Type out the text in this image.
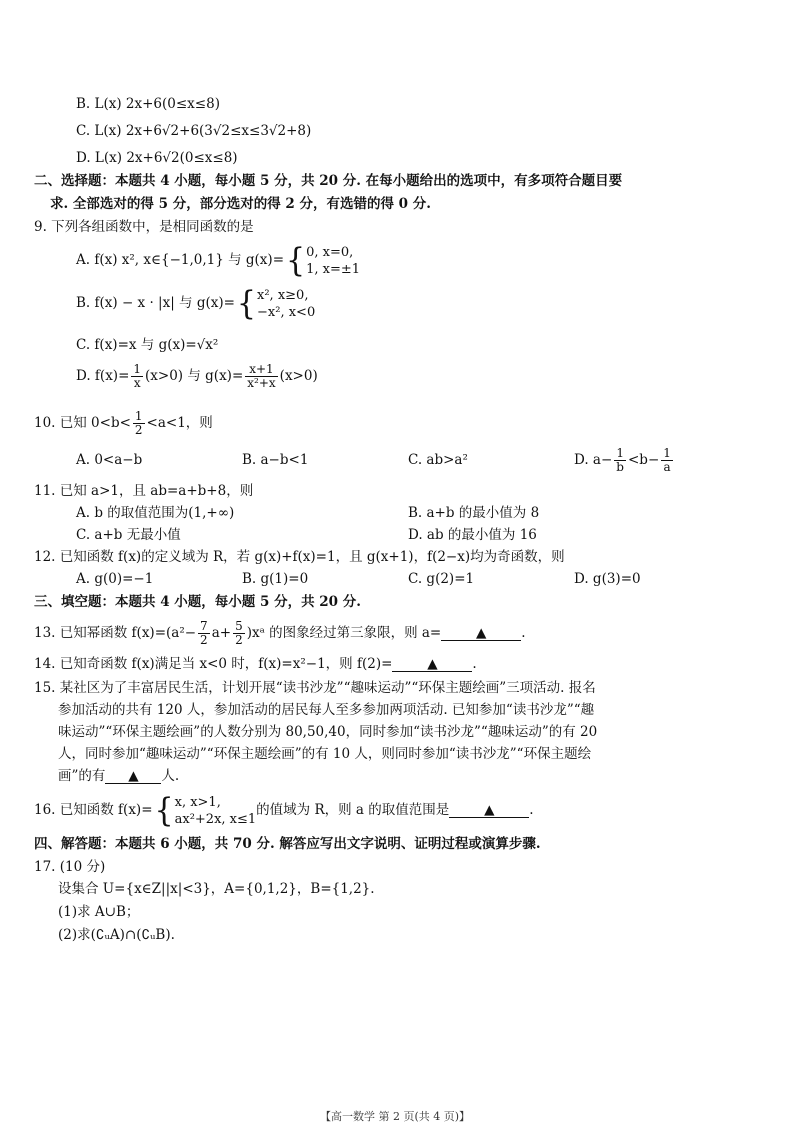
B. L(x) 2x+6(0≤x≤8)
C. L(x) 2x+6√2+6(3√2≤x≤3√2+8)
D. L(x) 2x+6√2(0≤x≤8)
二、选择题：本题共 4 小题，每小题 5 分，共 20 分. 在每小题给出的选项中，有多项符合题目要
求. 全部选对的得 5 分，部分选对的得 2 分，有选错的得 0 分.
9. 下列各组函数中，是相同函数的是
A. f(x) x², x∈{−1,0,1} 与 g(x)={ 0, x=0,
1, x=±1
B. f(x) − x · |x| 与 g(x)={ x², x≥0,
−x², x<0
C. f(x)=x 与 g(x)=√x²
D. $f(x)= \frac{1}{x} (x>0)$ 与 $g(x)= \frac{x+1}{\text{x²+x}} (x>0)$
10. 已知 $0<b< \frac{1}{2} <a<1$，则
A. 0<a−b	B. a−b<1	C. ab>a²	D. $a- \frac{1}{b} <b- \frac{1}{a}$
11. 已知 a>1，且 ab=a+b+8，则
A. b 的取值范围为(1,+∞)	B. a+b 的最小值为 8
C. a+b 无最小值	D. ab 的最小值为 16
12. 已知函数 f(x)的定义域为 R，若 g(x)+f(x)=1，且 g(x+1)，f(2−x)均为奇函数，则
A. g(0)=−1	B. g(1)=0	C. g(2)=1	D. g(3)=0
三、填空题：本题共 4 小题，每小题 5 分，共 20 分.
13. 已知幂函数 $f(x)=(a^2- \frac{7}{2} a+ \frac{5}{2}$ )xᵃ 的图象经过第三象限，则 a=	▲	.
14. 已知奇函数 f(x)满足当 x<0 时，f(x)=x²−1，则 f(2)=	▲	.
15. 某社区为了丰富居民生活，计划开展“读书沙龙”“趣味运动”“环保主题绘画”三项活动. 报名
参加活动的共有 120 人，参加活动的居民每人至多参加两项活动. 已知参加“读书沙龙”“趣
味运动”“环保主题绘画”的人数分别为 80,50,40，同时参加“读书沙龙”“趣味运动”的有 20
人，同时参加“趣味运动”“环保主题绘画”的有 10 人，则同时参加“读书沙龙”“环保主题绘
画”的有 ▲ 人.
16. 已知函数 f(x)={ x, x>1,
ax²+2x, x≤1
的值域为 R，则 a 的取值范围是	▲	.
四、解答题：本题共 6 小题，共 70 分. 解答应写出文字说明、证明过程或演算步骤.
17. (10 分)
设集合 U={x∈Z||x|<3}，A={0,1,2}，B={1,2}.
(1)求 A∪B；
(2)求(∁ᵤA)∩(∁ᵤB).
【高一数学 第 2 页(共 4 页)】
